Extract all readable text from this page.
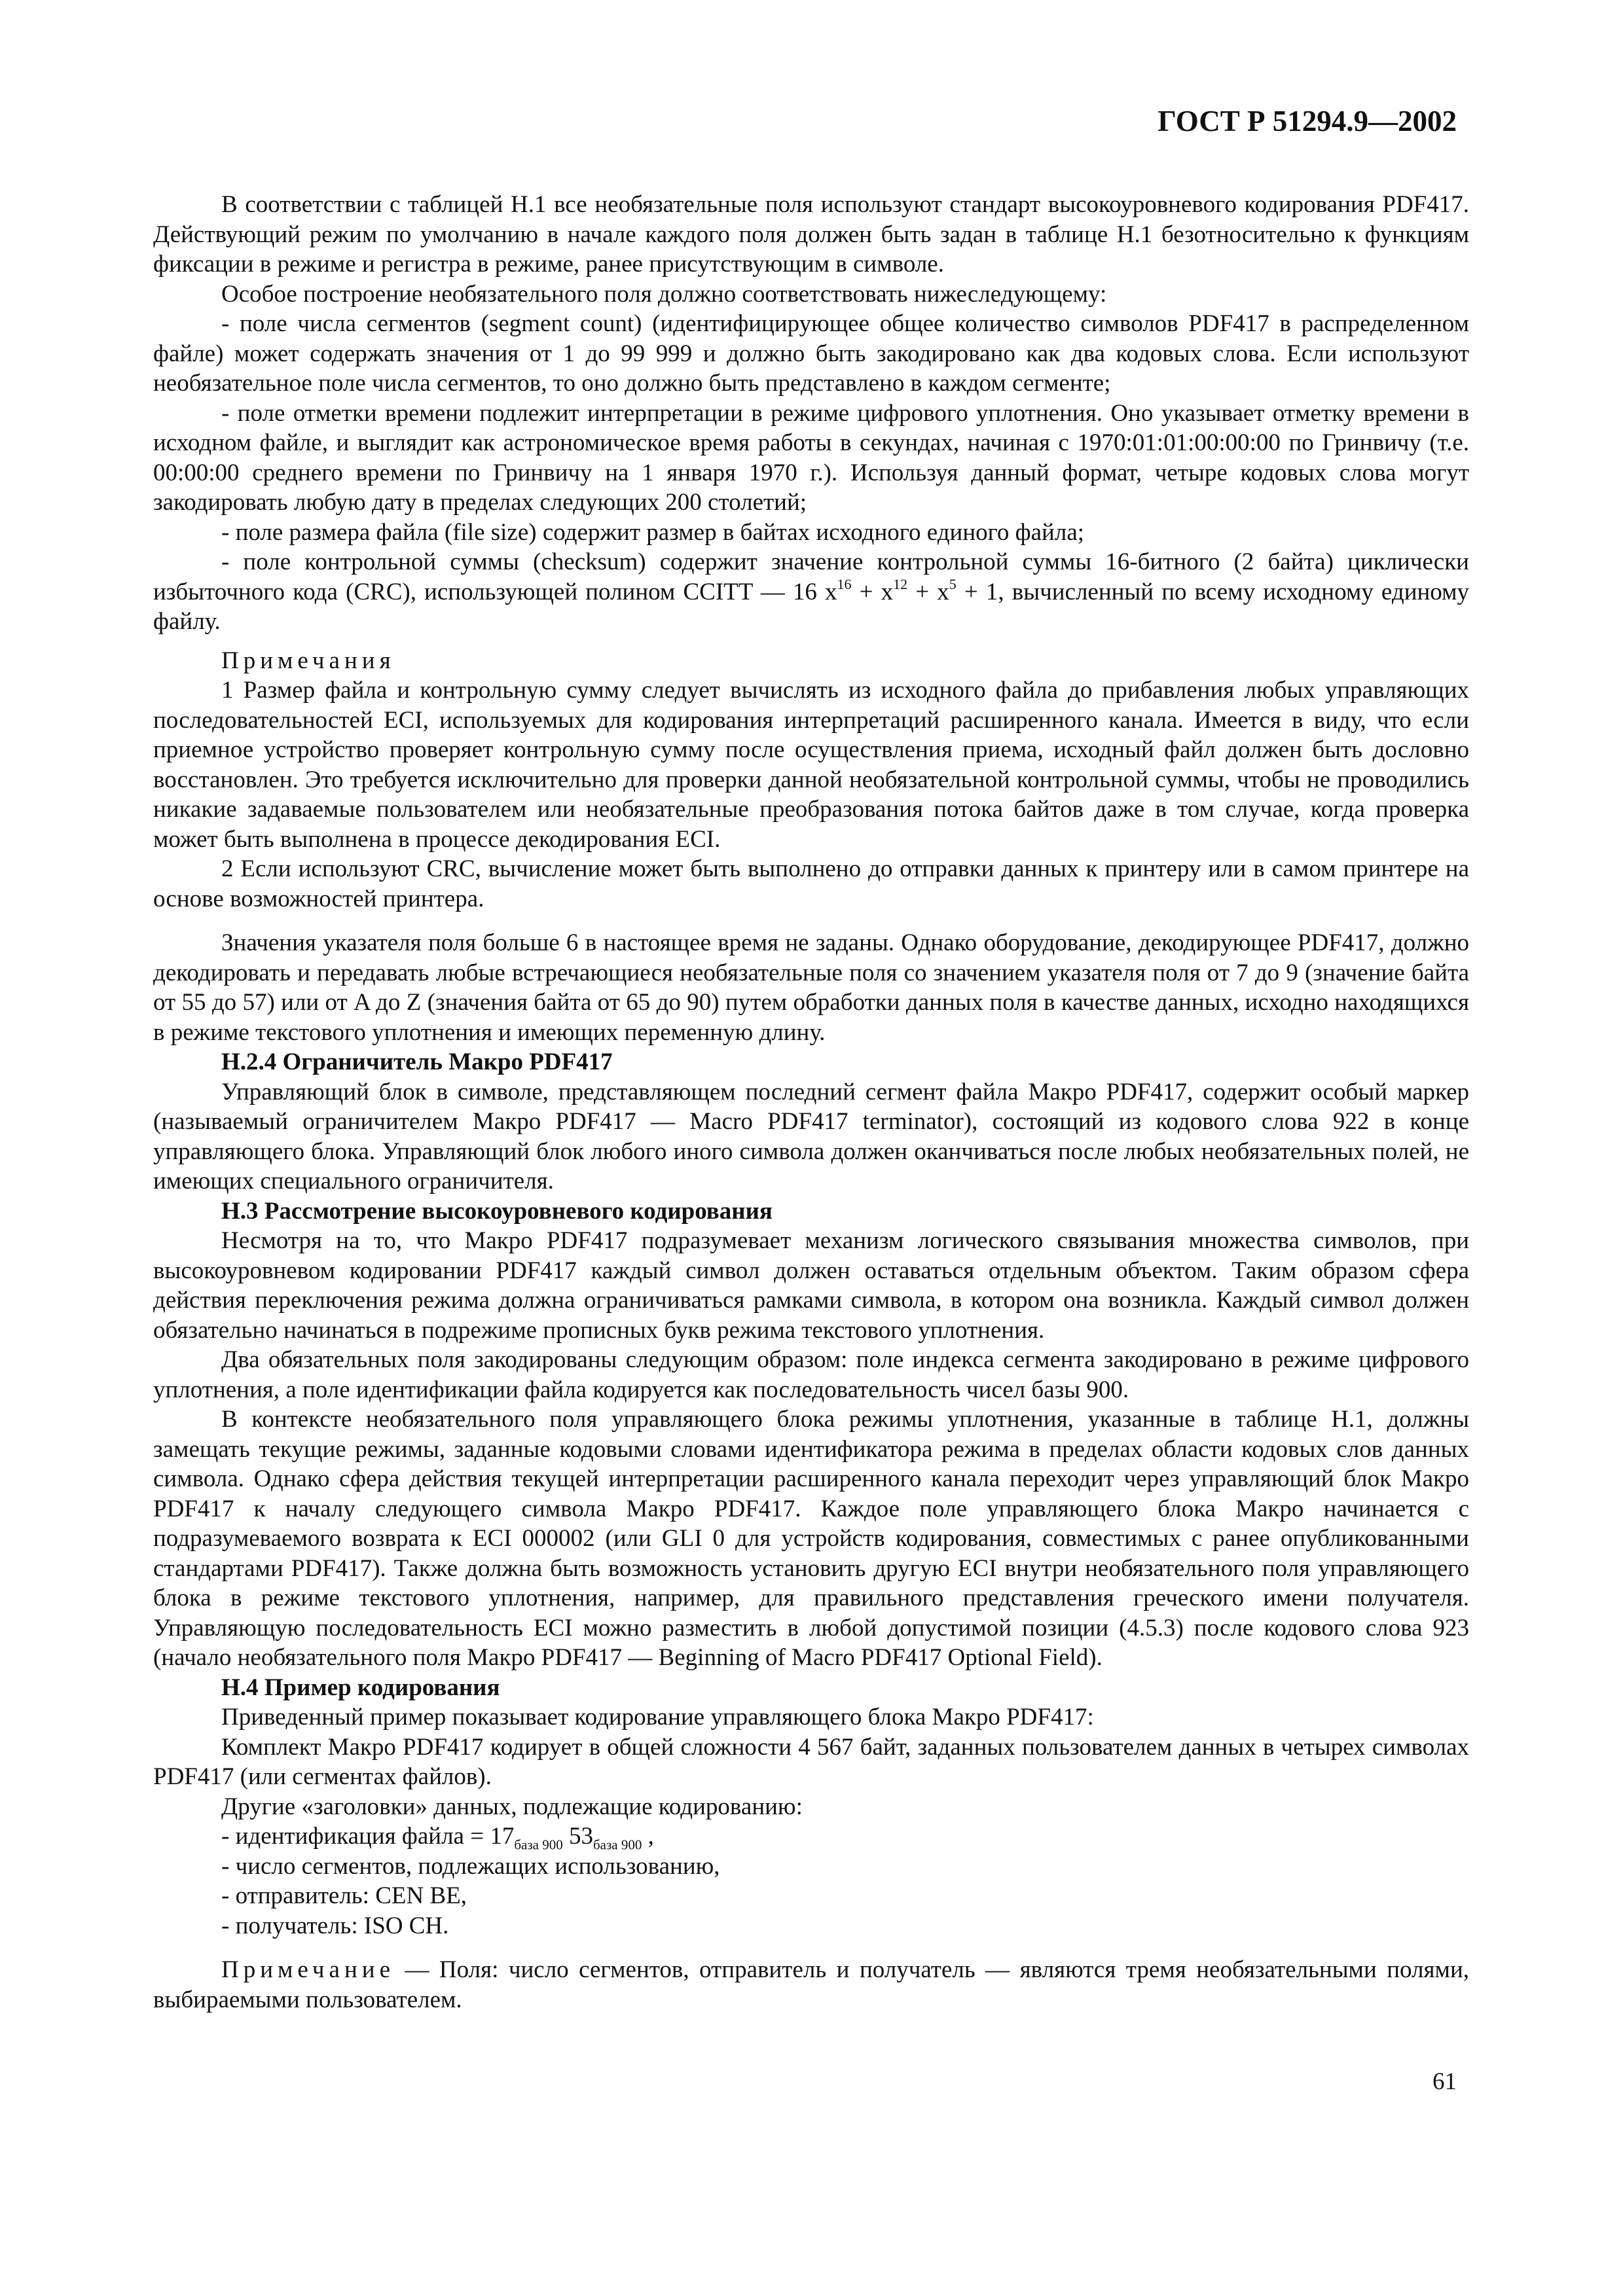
ГОСТ Р 51294.9—2002

В соответствии с таблицей Н.1 все необязательные поля используют стандарт высокоуровневого кодирования PDF417. Действующий режим по умолчанию в начале каждого поля должен быть задан в таблице Н.1 безотносительно к функциям фиксации в режиме и регистра в режиме, ранее присутствующим в символе.

Особое построение необязательного поля должно соответствовать нижеследующему:

- поле числа сегментов (segment count) (идентифицирующее общее количество символов PDF417 в распределенном файле) может содержать значения от 1 до 99 999 и должно быть закодировано как два кодовых слова. Если используют необязательное поле числа сегментов, то оно должно быть представлено в каждом сегменте;

- поле отметки времени подлежит интерпретации в режиме цифрового уплотнения. Оно указывает отметку времени в исходном файле, и выглядит как астрономическое время работы в секундах, начиная с 1970:01:01:00:00:00 по Гринвичу (т.е. 00:00:00 среднего времени по Гринвичу на 1 января 1970 г.). Используя данный формат, четыре кодовых слова могут закодировать любую дату в пределах следующих 200 столетий;

- поле размера файла (file size) содержит размер в байтах исходного единого файла;

- поле контрольной суммы (checksum) содержит значение контрольной суммы 16-битного (2 байта) циклически избыточного кода (CRC), использующей полином CCITT — 16 $x^{16} + x^{12} + x^5 + 1$, вычисленный по всему исходному единому файлу.

Примечания

1 Размер файла и контрольную сумму следует вычислять из исходного файла до прибавления любых управляющих последовательностей ECI, используемых для кодирования интерпретаций расширенного канала. Имеется в виду, что если приемное устройство проверяет контрольную сумму после осуществления приема, исходный файл должен быть дословно восстановлен. Это требуется исключительно для проверки данной необязательной контрольной суммы, чтобы не проводились никакие задаваемые пользователем или необязательные преобразования потока байтов даже в том случае, когда проверка может быть выполнена в процессе декодирования ECI.

2 Если используют CRC, вычисление может быть выполнено до отправки данных к принтеру или в самом принтере на основе возможностей принтера.

Значения указателя поля больше 6 в настоящее время не заданы. Однако оборудование, декодирующее PDF417, должно декодировать и передавать любые встречающиеся необязательные поля со значением указателя поля от 7 до 9 (значение байта от 55 до 57) или от A до Z (значения байта от 65 до 90) путем обработки данных поля в качестве данных, исходно находящихся в режиме текстового уплотнения и имеющих переменную длину.

Н.2.4 Ограничитель Макро PDF417

Управляющий блок в символе, представляющем последний сегмент файла Макро PDF417, содержит особый маркер (называемый ограничителем Макро PDF417 — Macro PDF417 terminator), состоящий из кодового слова 922 в конце управляющего блока. Управляющий блок любого иного символа должен оканчиваться после любых необязательных полей, не имеющих специального ограничителя.

Н.3 Рассмотрение высокоуровневого кодирования

Несмотря на то, что Макро PDF417 подразумевает механизм логического связывания множества символов, при высокоуровневом кодировании PDF417 каждый символ должен оставаться отдельным объектом. Таким образом сфера действия переключения режима должна ограничиваться рамками символа, в котором она возникла. Каждый символ должен обязательно начинаться в подрежиме прописных букв режима текстового уплотнения.

Два обязательных поля закодированы следующим образом: поле индекса сегмента закодировано в режиме цифрового уплотнения, а поле идентификации файла кодируется как последовательность чисел базы 900.

В контексте необязательного поля управляющего блока режимы уплотнения, указанные в таблице Н.1, должны замещать текущие режимы, заданные кодовыми словами идентификатора режима в пределах области кодовых слов данных символа. Однако сфера действия текущей интерпретации расширенного канала переходит через управляющий блок Макро PDF417 к началу следующего символа Макро PDF417. Каждое поле управляющего блока Макро начинается с подразумеваемого возврата к ECI 000002 (или GLI 0 для устройств кодирования, совместимых с ранее опубликованными стандартами PDF417). Также должна быть возможность установить другую ECI внутри необязательного поля управляющего блока в режиме текстового уплотнения, например, для правильного представления греческого имени получателя. Управляющую последовательность ECI можно разместить в любой допустимой позиции (4.5.3) после кодового слова 923 (начало необязательного поля Макро PDF417 — Beginning of Macro PDF417 Optional Field).

Н.4 Пример кодирования

Приведенный пример показывает кодирование управляющего блока Макро PDF417:

Комплект Макро PDF417 кодирует в общей сложности 4 567 байт, заданных пользователем данных в четырех символах PDF417 (или сегментах файлов).

Другие «заголовки» данных, подлежащие кодированию:

- идентификация файла = $17_{база 900}$ $53_{база 900}$ ,

- число сегментов, подлежащих использованию,

- отправитель: CEN BE,

- получатель: ISO CH.

Примечание — Поля: число сегментов, отправитель и получатель — являются тремя необязательными полями, выбираемыми пользователем.

61
